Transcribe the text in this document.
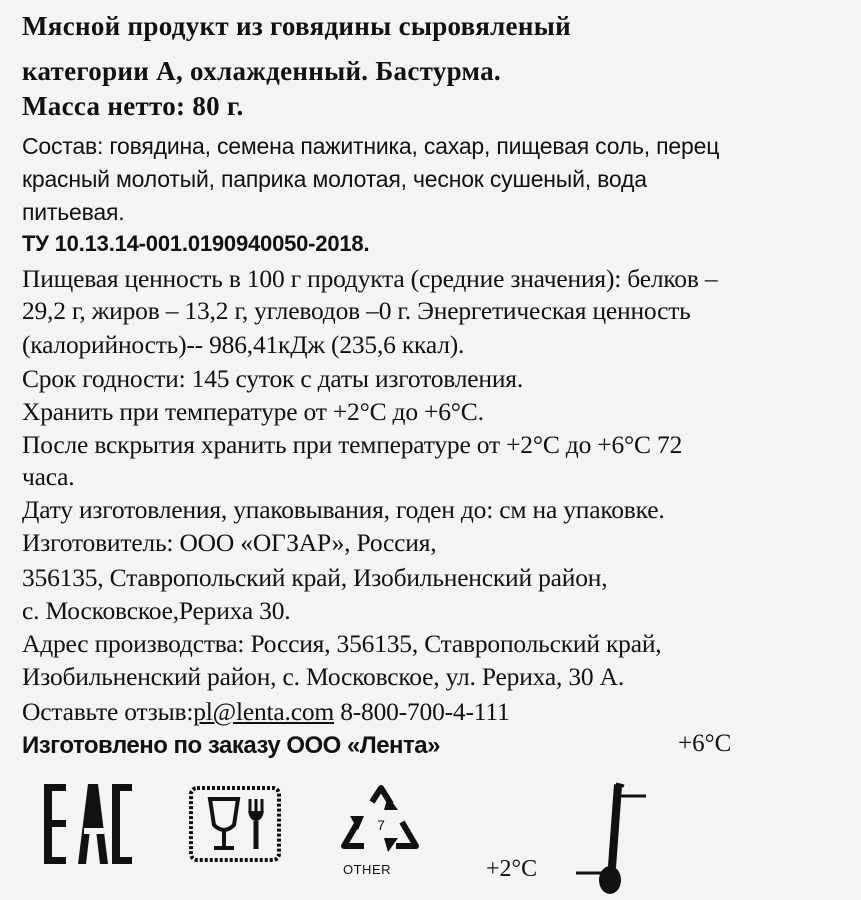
Мясной продукт из говядины сыровяленый
категории А, охлажденный. Бастурма.
Масса нетто: 80 г.
Состав: говядина, семена пажитника, сахар, пищевая соль, перец
красный молотый, паприка молотая, чеснок сушеный, вода
питьевая.
ТУ 10.13.14-001.0190940050-2018.
Пищевая ценность в 100 г продукта (средние значения): белков –
29,2 г, жиров – 13,2 г, углеводов –0 г. Энергетическая ценность
(калорийность)-- 986,41кДж (235,6 ккал).
Срок годности: 145 суток с даты изготовления.
Хранить при температуре от +2°С до +6°С.
После вскрытия хранить при температуре от +2°С до +6°С 72
часа.
Дату изготовления, упаковывания, годен до: см на упаковке.
Изготовитель: ООО «ОГЗАР», Россия,
356135, Ставропольский край, Изобильненский район,
с. Московское,Рериха 30.
Адрес производства: Россия, 356135, Ставропольский край,
Изобильненский район, с. Московское, ул. Рериха, 30 А.
Оставьте отзыв:pl@lenta.com 8-800-700-4-111
Изготовлено по заказу ООО «Лента»	+6°С
7
OTHER	+2°С
